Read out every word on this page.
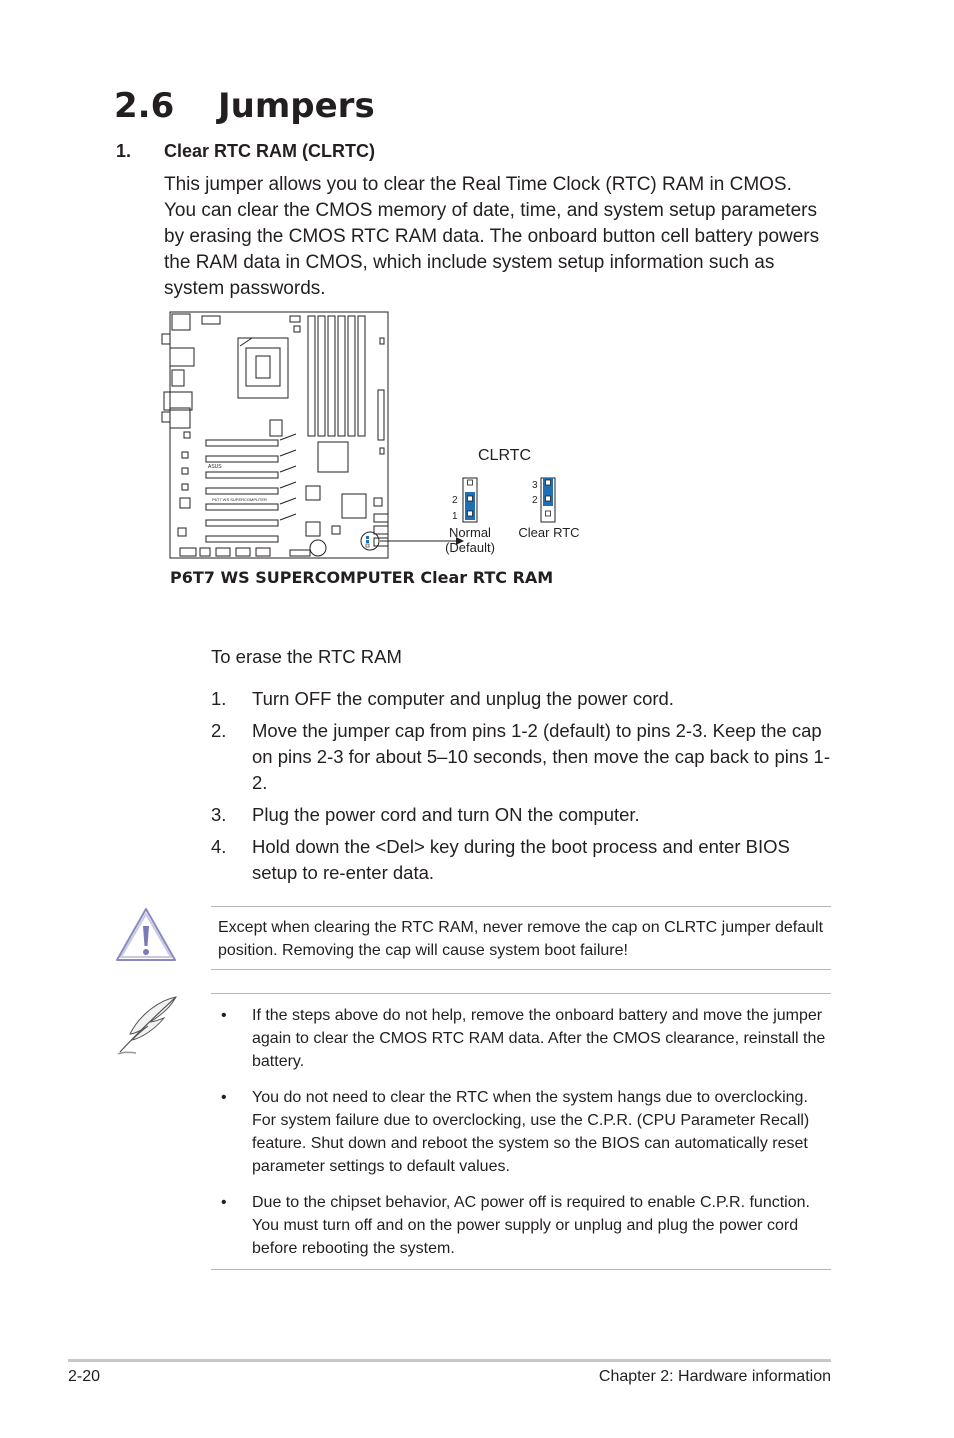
2.6 Jumpers
1. Clear RTC RAM (CLRTC)
This jumper allows you to clear the Real Time Clock (RTC) RAM in CMOS. You can clear the CMOS memory of date, time, and system setup parameters by erasing the CMOS RTC RAM data. The onboard button cell battery powers the RAM data in CMOS, which include system setup information such as system passwords.
ASUS
P6T7 WS SUPERCOMPUTER
CLRTC
2
1
Normal
(Default)
3
2
Clear RTC
P6T7 WS SUPERCOMPUTER Clear RTC RAM
To erase the RTC RAM
1. Turn OFF the computer and unplug the power cord.
2. Move the jumper cap from pins 1-2 (default) to pins 2-3. Keep the cap on pins 2-3 for about 5–10 seconds, then move the cap back to pins 1-2.
3. Plug the power cord and turn ON the computer.
4. Hold down the <Del> key during the boot process and enter BIOS setup to re-enter data.
Except when clearing the RTC RAM, never remove the cap on CLRTC jumper default position. Removing the cap will cause system boot failure!
• If the steps above do not help, remove the onboard battery and move the jumper again to clear the CMOS RTC RAM data. After the CMOS clearance, reinstall the battery.
• You do not need to clear the RTC when the system hangs due to overclocking. For system failure due to overclocking, use the C.P.R. (CPU Parameter Recall) feature. Shut down and reboot the system so the BIOS can automatically reset parameter settings to default values.
• Due to the chipset behavior, AC power off is required to enable C.P.R. function. You must turn off and on the power supply or unplug and plug the power cord before rebooting the system.
2-20	Chapter 2: Hardware information
